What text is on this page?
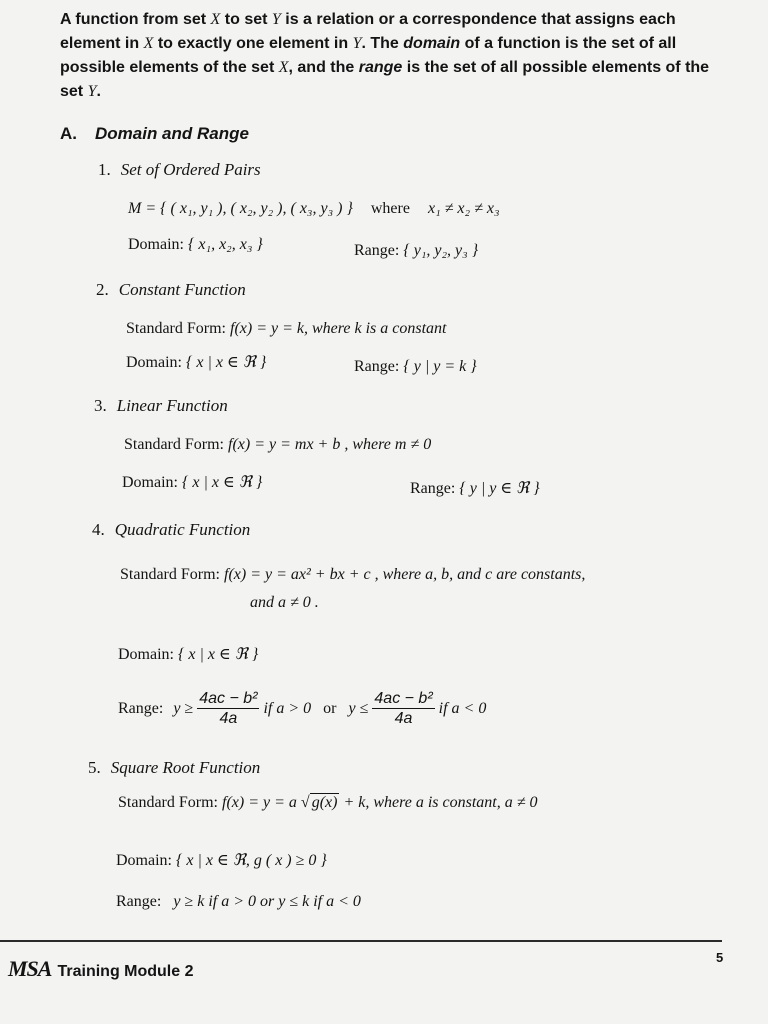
A function from set X to set Y is a relation or a correspondence that assigns each element in X to exactly one element in Y. The domain of a function is the set of all possible elements of the set X, and the range is the set of all possible elements of the set Y.
A. Domain and Range
1. Set of Ordered Pairs
M = { ( x₁, y₁ ), ( x₂, y₂ ), ( x₃, y₃ ) } where x₁ ≠ x₂ ≠ x₃
Domain: { x₁, x₂, x₃ }	Range: { y₁, y₂, y₃ }
2. Constant Function
Standard Form: f(x) = y = k, where k is a constant
Domain: { x | x ∈ ℜ }	Range: { y | y = k }
3. Linear Function
Standard Form: f(x) = y = mx + b , where m ≠ 0
Domain: { x | x ∈ ℜ }	Range: { y | y ∈ ℜ }
4. Quadratic Function
Standard Form: f(x) = y = ax² + bx + c , where a, b, and c are constants,
and a ≠ 0 .
Domain: { x | x ∈ ℜ }
Range: $y \ge \frac{\text{4ac − b²}}{4a}$ if a > 0 or $y \le \frac{\text{4ac − b²}}{4a}$ if a < 0
5. Square Root Function
Standard Form: f(x) = y = a √ g(x) + k, where a is constant, a ≠ 0
Domain: { x | x ∈ ℜ, g ( x ) ≥ 0 }
Range: y ≥ k if a > 0 or y ≤ k if a < 0
MSA Training Module 2
5
